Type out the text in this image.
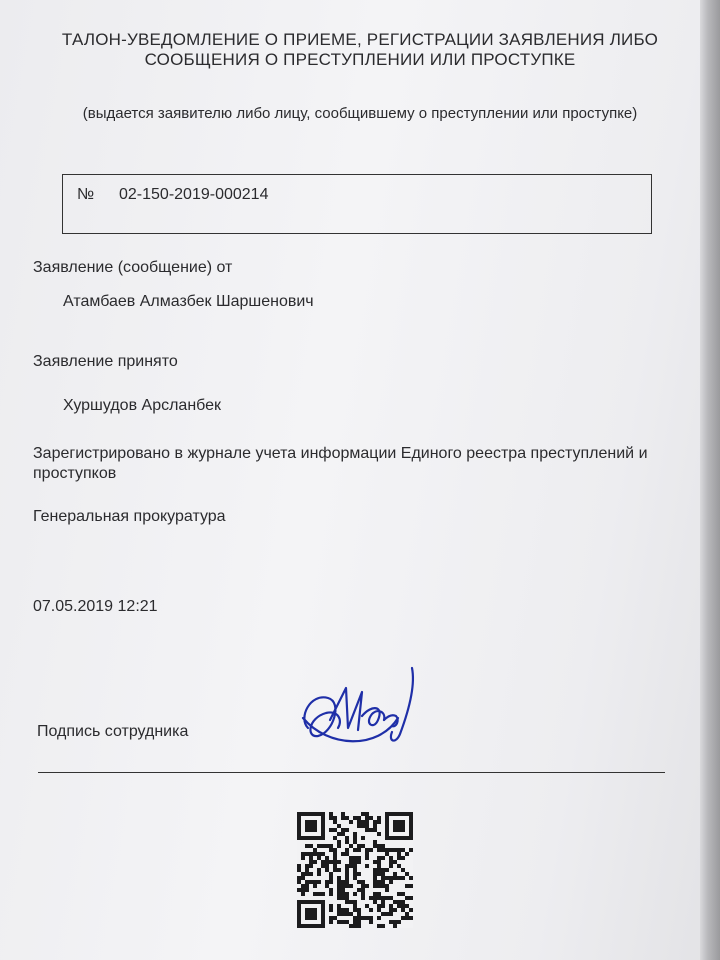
ТАЛОН-УВЕДОМЛЕНИЕ О ПРИЕМЕ, РЕГИСТРАЦИИ ЗАЯВЛЕНИЯ ЛИБО СООБЩЕНИЯ О ПРЕСТУПЛЕНИИ ИЛИ ПРОСТУПКЕ
(выдается заявителю либо лицу, сообщившему о преступлении или проступке)
№ 02-150-2019-000214
Заявление (сообщение) от
Атамбаев Алмазбек Шаршенович
Заявление принято
Хуршудов Арсланбек
Зарегистрировано в журнале учета информации Единого реестра преступлений и проступков
Генеральная прокуратура
07.05.2019 12:21
Подпись сотрудника
